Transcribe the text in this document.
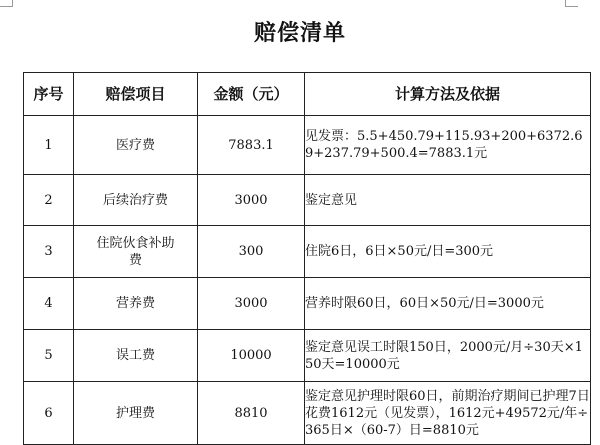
赔偿清单
序号	赔偿项目	金额（元）	计算方法及依据
1	医疗费	7883.1	见发票：5.5+450.79+115.93+200+6372.69+237.79+500.4=7883.1元
2	后续治疗费	3000	鉴定意见
3	住院伙食补助费	300	住院6日，6日×50元/日=300元
4	营养费	3000	营养时限60日，60日×50元/日=3000元
5	误工费	10000	鉴定意见误工时限150日，2000元/月÷30天×150天=10000元
6	护理费	8810	鉴定意见护理时限60日，前期治疗期间已护理7日花费1612元（见发票），1612元+49572元/年÷365日×（60-7）日=8810元
